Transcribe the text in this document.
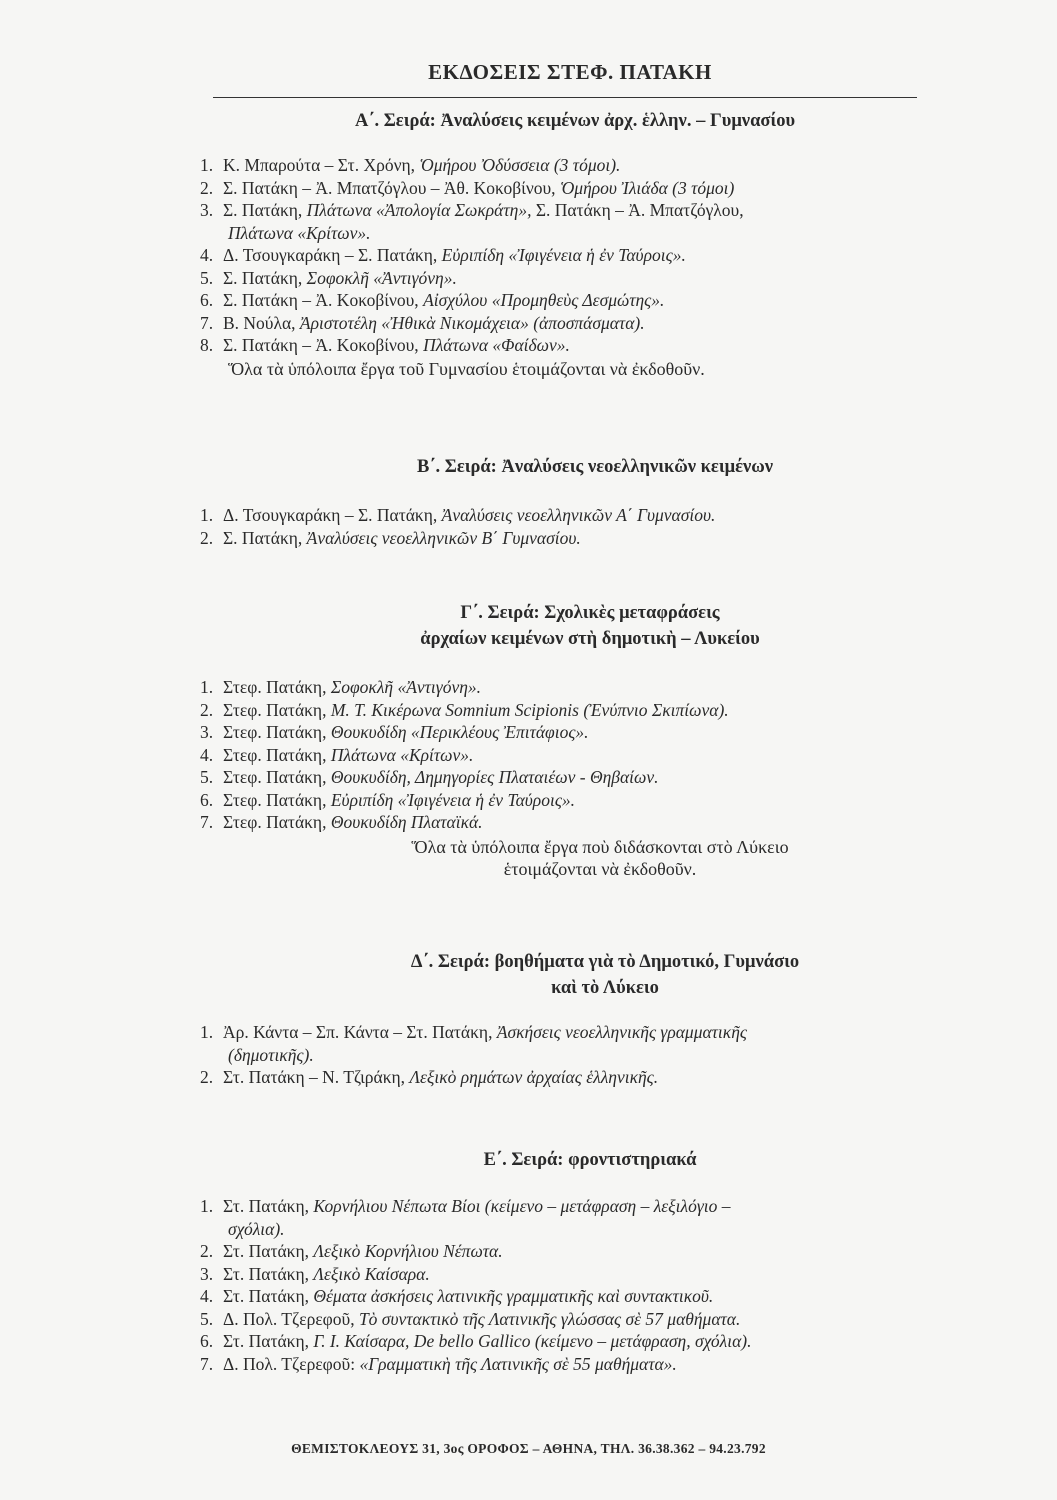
ΕΚΔΟΣΕΙΣ ΣΤΕΦ. ΠΑΤΑΚΗ
Α΄. Σειρά: Ἀναλύσεις κειμένων ἀρχ. ἑλλην. – Γυμνασίου
1. Κ. Μπαρούτα – Στ. Χρόνη, Ὁμήρου Ὀδύσσεια (3 τόμοι).
2. Σ. Πατάκη – Ἀ. Μπατζόγλου – Ἀθ. Κοκοβίνου, Ὁμήρου Ἰλιάδα (3 τόμοι)
3. Σ. Πατάκη, Πλάτωνα «Ἀπολογία Σωκράτη», Σ. Πατάκη – Ἀ. Μπατζόγλου,
Πλάτωνα «Κρίτων».
4. Δ. Τσουγκαράκη – Σ. Πατάκη, Εὐριπίδη «Ἰφιγένεια ἡ ἐν Ταύροις».
5. Σ. Πατάκη, Σοφοκλῆ «Ἀντιγόνη».
6. Σ. Πατάκη – Ἀ. Κοκοβίνου, Αἰσχύλου «Προμηθεὺς Δεσμώτης».
7. Β. Νούλα, Ἀριστοτέλη «Ἠθικὰ Νικομάχεια» (ἀποσπάσματα).
8. Σ. Πατάκη – Ἀ. Κοκοβίνου, Πλάτωνα «Φαίδων».
Ὅλα τὰ ὑπόλοιπα ἔργα τοῦ Γυμνασίου ἑτοιμάζονται νὰ ἐκδοθοῦν.
Β΄. Σειρά: Ἀναλύσεις νεοελληνικῶν κειμένων
1. Δ. Τσουγκαράκη – Σ. Πατάκη, Ἀναλύσεις νεοελληνικῶν Α΄ Γυμνασίου.
2. Σ. Πατάκη, Ἀναλύσεις νεοελληνικῶν Β΄ Γυμνασίου.
Γ΄. Σειρά: Σχολικὲς μεταφράσεις
ἀρχαίων κειμένων στὴ δημοτικὴ – Λυκείου
1. Στεφ. Πατάκη, Σοφοκλῆ «Ἀντιγόνη».
2. Στεφ. Πατάκη, Μ. Τ. Κικέρωνα Somnium Scipionis (Ἐνύπνιο Σκιπίωνα).
3. Στεφ. Πατάκη, Θουκυδίδη «Περικλέους Ἐπιτάφιος».
4. Στεφ. Πατάκη, Πλάτωνα «Κρίτων».
5. Στεφ. Πατάκη, Θουκυδίδη, Δημηγορίες Πλαταιέων - Θηβαίων.
6. Στεφ. Πατάκη, Εὐριπίδη «Ἰφιγένεια ἡ ἐν Ταύροις».
7. Στεφ. Πατάκη, Θουκυδίδη Πλαταϊκά.
Ὅλα τὰ ὑπόλοιπα ἔργα ποὺ διδάσκονται στὸ Λύκειο
ἑτοιμάζονται νὰ ἐκδοθοῦν.
Δ΄. Σειρά: βοηθήματα γιὰ τὸ Δημοτικό, Γυμνάσιο
καὶ τὸ Λύκειο
1. Ἀρ. Κάντα – Σπ. Κάντα – Στ. Πατάκη, Ἀσκήσεις νεοελληνικῆς γραμματικῆς
(δημοτικῆς).
2. Στ. Πατάκη – Ν. Τζιράκη, Λεξικὸ ρημάτων ἀρχαίας ἑλληνικῆς.
Ε΄. Σειρά: φροντιστηριακά
1. Στ. Πατάκη, Κορνήλιου Νέπωτα Βίοι (κείμενο – μετάφραση – λεξιλόγιο –
σχόλια).
2. Στ. Πατάκη, Λεξικὸ Κορνήλιου Νέπωτα.
3. Στ. Πατάκη, Λεξικὸ Καίσαρα.
4. Στ. Πατάκη, Θέματα ἀσκήσεις λατινικῆς γραμματικῆς καὶ συντακτικοῦ.
5. Δ. Πολ. Τζερεφοῦ, Τὸ συντακτικὸ τῆς Λατινικῆς γλώσσας σὲ 57 μαθήματα.
6. Στ. Πατάκη, Γ. Ι. Καίσαρα, De bello Gallico (κείμενο – μετάφραση, σχόλια).
7. Δ. Πολ. Τζερεφοῦ: «Γραμματικὴ τῆς Λατινικῆς σὲ 55 μαθήματα».
ΘΕΜΙΣΤΟΚΛΕΟΥΣ 31, 3ος ΟΡΟΦΟΣ – ΑΘΗΝΑ, ΤΗΛ. 36.38.362 – 94.23.792
